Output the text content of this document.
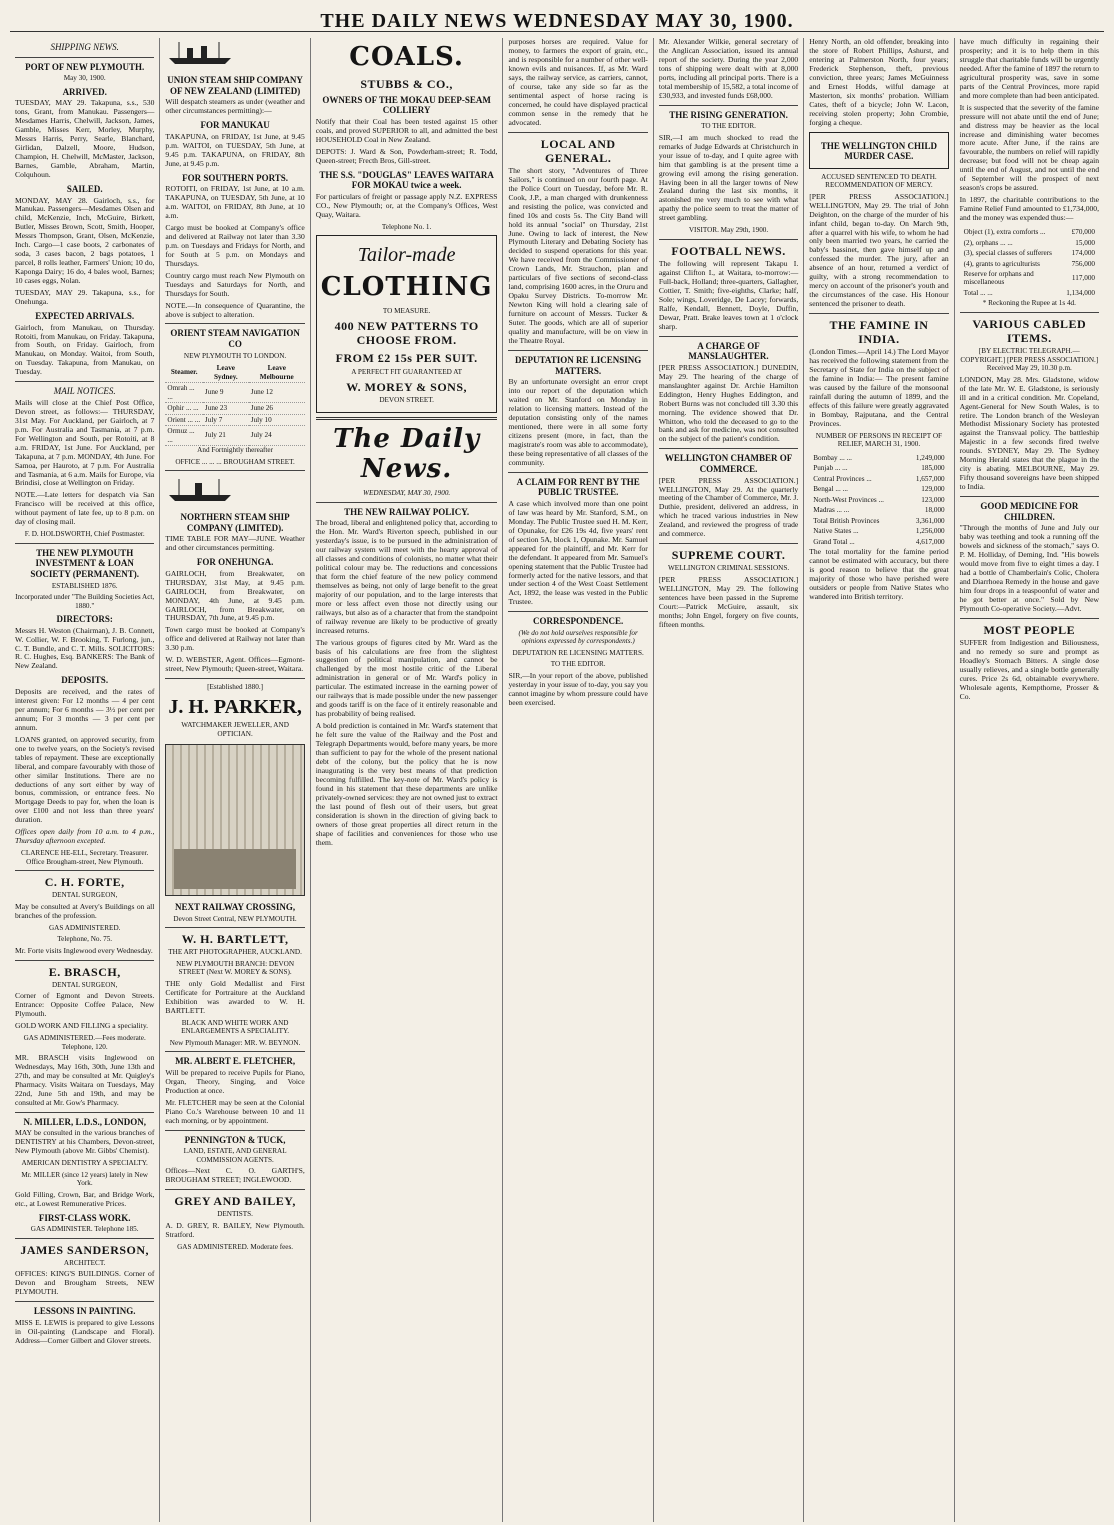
THE DAILY NEWS WEDNESDAY MAY 30, 1900.
SHIPPING NEWS.
PORT OF NEW PLYMOUTH.
May 30, 1900.
ARRIVED.

TUESDAY, MAY 29. Takapuna, s.s., 530 tons, Grant, from Manukau. Passengers—Mesdames Harris, Chelwill, Jackson, James, Gamble, Misses Kerr, Morley, Murphy, Messrs Harris, Perry, Searle, Blanchard, Girlidan, Dalzell, Moore, Hudson, Champion, H. Chelwill, McMaster, Jackson, Barnes, Gamble, Abraham, Martin, Colquhoun.

SAILED.

MONDAY, MAY 28. Gairloch, s.s., for Manukau. Passengers—Mesdames Olsen and child, McKenzie, Inch, McGuire, Birkett, Butler, Misses Brown, Scott, Smith, Hooper, Messrs Thompson, Grant, Olsen, McKenzie, Inch. Cargo—1 case boots, 2 carbonates of soda, 3 cases bacon, 2 bags potatoes, 1 parcel, 8 rolls leather, Farmers' Union; 10 do, Kaponga Dairy; 16 do, 4 bales wool, Barnes; 10 cases eggs, Nolan.

TUESDAY, MAY 29. Takapuna, s.s., for Onehunga.

EXPECTED ARRIVALS.

Gairloch, from Manukau, on Thursday. Rotoiti, from Manukau, on Friday. Takapuna, from South, on Friday. Gairloch, from Manukau, on Monday. Waitoi, from South, on Tuesday. Takapuna, from Manukau, on Tuesday.

MAIL NOTICES.

Mails will close at the Chief Post Office, Devon street, as follows:— THURSDAY, 31st May. For Auckland, per Gairloch, at 7 p.m. For Australia and Tasmania, at 7 p.m. For Wellington and South, per Rotoiti, at 8 a.m. FRIDAY, 1st June. For Auckland, per Takapuna, at 7 p.m. MONDAY, 4th June. For Samoa, per Hauroto, at 7 p.m. For Australia and Tasmania, at 6 a.m. Mails for Europe, via Brindisi, close at Wellington on Friday.

NOTE.—Late letters for despatch via San Francisco will be received at this office, without payment of late fee, up to 8 p.m. on day of closing mail.

F. D. HOLDSWORTH, Chief Postmaster.
THE NEW PLYMOUTH INVESTMENT & LOAN SOCIETY (PERMANENT).
ESTABLISHED 1876.
Incorporated under "The Building Societies Act, 1880."
DIRECTORS:

Messrs H. Weston (Chairman), J. B. Connett, W. Collier, W. F. Brooking, T. Furlong, jun., C. T. Bundle, and C. T. Mills. SOLICITORS: R. C. Hughes, Esq. BANKERS: The Bank of New Zealand.

DEPOSITS.

Deposits are received, and the rates of interest given: For 12 months — 4 per cent per annum; For 6 months — 3½ per cent per annum; For 3 months — 3 per cent per annum.

LOANS granted, on approved security, from one to twelve years, on the Society's revised tables of repayment. These are exceptionally liberal, and compare favourably with those of other similar Institutions. There are no deductions of any sort either by way of bonus, commission, or entrance fees. No Mortgage Deeds to pay for, when the loan is over £100 and not less than three years' duration.

Offices open daily from 10 a.m. to 4 p.m., Thursday afternoon excepted.

CLARENCE HE-ELL, Secretary. Treasurer. Office Brougham-street, New Plymouth.
C. H. FORTE,
DENTAL SURGEON,

May be consulted at Avery's Buildings on all branches of the profession.

GAS ADMINISTERED.
Telephone, No. 75.

Mr. Forte visits Inglewood every Wednesday.

E. BRASCH,
DENTAL SURGEON,

Corner of Egmont and Devon Streets. Entrance: Opposite Coffee Palace, New Plymouth.

GOLD WORK AND FILLING a speciality.

GAS ADMINISTERED.—Fees moderate. Telephone, 120.

MR. BRASCH visits Inglewood on Wednesdays, May 16th, 30th, June 13th and 27th, and may be consulted at Mr. Quigley's Pharmacy. Visits Waitara on Tuesdays, May 22nd, June 5th and 19th, and may be consulted at Mr. Gow's Pharmacy.

N. MILLER, L.D.S., LONDON,

MAY be consulted in the various branches of DENTISTRY at his Chambers, Devon-street, New Plymouth (above Mr. Gibbs' Chemist).

AMERICAN DENTISTRY A SPECIALTY.
Mr. MILLER (since 12 years) lately in New York.

Gold Filling, Crown, Bar, and Bridge Work, etc., at Lowest Remunerative Prices.

FIRST-CLASS WORK.
GAS ADMINISTER. Telephone 185.
JAMES SANDERSON,
ARCHITECT.

OFFICES: KING'S BUILDINGS. Corner of Devon and Brougham Streets, NEW PLYMOUTH.

LESSONS IN PAINTING.

MISS E. LEWIS is prepared to give Lessons in Oil-painting (Landscape and Floral). Address—Corner Gilbert and Glover streets.

UNION STEAM SHIP COMPANY OF NEW ZEALAND (LIMITED)

Will despatch steamers as under (weather and other circumstances permitting):—

FOR MANUKAU

TAKAPUNA, on FRIDAY, 1st June, at 9.45 p.m. WAITOI, on TUESDAY, 5th June, at 9.45 p.m. TAKAPUNA, on FRIDAY, 8th June, at 9.45 p.m.

FOR SOUTHERN PORTS.

ROTOITI, on FRIDAY, 1st June, at 10 a.m. TAKAPUNA, on TUESDAY, 5th June, at 10 a.m. WAITOI, on FRIDAY, 8th June, at 10 a.m.

Cargo must be booked at Company's office and delivered at Railway not later than 3.30 p.m. on Tuesdays and Fridays for North, and for South at 5 p.m. on Mondays and Thursdays.

Country cargo must reach New Plymouth on Tuesdays and Saturdays for North, and Thursdays for South.

NOTE.—In consequence of Quarantine, the above is subject to alteration.

ORIENT STEAM NAVIGATION CO
NEW PLYMOUTH TO LONDON.
Steamer.	Leave Sydney.	Leave Melbourne
Omrah ... ...	June 9	June 12
Ophir ... ...	June 23	June 26
Orient ... ...	July 7	July 10
Ormuz ... ...	July 21	July 24
And Fortnightly thereafter
OFFICE ... ... ... BROUGHAM STREET.
NORTHERN STEAM SHIP COMPANY (LIMITED).

TIME TABLE FOR MAY—JUNE. Weather and other circumstances permitting.

FOR ONEHUNGA.

GAIRLOCH, from Breakwater, on THURSDAY, 31st May, at 9.45 p.m. GAIRLOCH, from Breakwater, on MONDAY, 4th June, at 9.45 p.m. GAIRLOCH, from Breakwater, on THURSDAY, 7th June, at 9.45 p.m.

Town cargo must be booked at Company's office and delivered at Railway not later than 3.30 p.m.

W. D. WEBSTER, Agent. Offices—Egmont-street, New Plymouth; Queen-street, Waitara.

[Established 1880.]
J. H. PARKER,
WATCHMAKER JEWELLER, AND OPTICIAN.
NEXT RAILWAY CROSSING,
Devon Street Central, NEW PLYMOUTH.
W. H. BARTLETT,
THE ART PHOTOGRAPHER, AUCKLAND.
NEW PLYMOUTH BRANCH: DEVON STREET (Next W. MOREY & SONS).

THE only Gold Medallist and First Certificate for Portraiture at the Auckland Exhibition was awarded to W. H. BARTLETT.

BLACK AND WHITE WORK AND ENLARGEMENTS A SPECIALITY.
New Plymouth Manager: MR. W. BEYNON.
MR. ALBERT E. FLETCHER,

Will be prepared to receive Pupils for Piano, Organ, Theory, Singing, and Voice Production at once.

Mr. FLETCHER may be seen at the Colonial Piano Co.'s Warehouse between 10 and 11 each morning, or by appointment.

PENNINGTON & TUCK,
LAND, ESTATE, AND GENERAL COMMISSION AGENTS.

Offices—Next C. O. GARTH'S, BROUGHAM STREET; INGLEWOOD.

GREY AND BAILEY,
DENTISTS.

A. D. GREY, R. BAILEY, New Plymouth. Stratford.

GAS ADMINISTERED. Moderate fees.
COALS.
STUBBS & CO.,
OWNERS OF THE MOKAU DEEP-SEAM COLLIERY

Notify that their Coal has been tested against 15 other coals, and proved SUPERIOR to all, and admitted the best HOUSEHOLD Coal in New Zealand.

DEPOTS: J. Ward & Son, Powderham-street; R. Todd, Queen-street; Frecth Bros, Gill-street.

THE S.S. "DOUGLAS" LEAVES WAITARA FOR MOKAU twice a week.

For particulars of freight or passage apply N.Z. EXPRESS CO., New Plymouth; or, at the Company's Offices, West Quay, Waitara.

Telephone No. 1.
Tailor-made
CLOTHING
TO MEASURE.
400 NEW PATTERNS TO CHOOSE FROM.
FROM £2 15s PER SUIT.
A PERFECT FIT GUARANTEED AT
W. MOREY & SONS,
DEVON STREET.
The Daily News.
WEDNESDAY, MAY 30, 1900.
THE NEW RAILWAY POLICY.

The broad, liberal and enlightened policy that, according to the Hon. Mr. Ward's Riverton speech, published in our yesterday's issue, is to be pursued in the administration of our railway system will meet with the hearty approval of all classes and conditions of colonists, no matter what their political colour may be. The reductions and concessions that form the chief feature of the new policy commend themselves as being, not only of large benefit to the great majority of our population, and to the large interests that more or less affect even those not directly using our railways, but also as of a character that from the standpoint of railway revenue are likely to be productive of greatly increased returns.

The various groups of figures cited by Mr. Ward as the basis of his calculations are free from the slightest suggestion of political manipulation, and cannot be challenged by the most hostile critic of the Liberal administration in general or of Mr. Ward's policy in particular. The estimated increase in the earning power of our railways that is made possible under the new passenger and goods tariff is on the face of it entirely reasonable and has probability of being realised.

A bold prediction is contained in Mr. Ward's statement that he felt sure the value of the Railway and the Post and Telegraph Departments would, before many years, be more than sufficient to pay for the whole of the present national debt of the colony, but the policy that he is now inaugurating is the very best means of that prediction becoming fulfilled. The key-note of Mr. Ward's policy is found in his statement that these departments are unlike privately-owned services: they are not owned just to extract the last pound of flesh out of their users, but great consideration is shown in the direction of giving back to owners of those great properties all direct return in the shape of facilities and conveniences for those who use them.

purposes horses are required. Value for money, to farmers the export of grain, etc., and is responsible for a number of other well-known evils and nuisances. If, as Mr. Ward says, the railway service, as carriers, cannot, of course, take any side so far as the sentimental aspect of horse racing is concerned, he could have displayed practical common sense in the remedy that he advocated.

LOCAL AND GENERAL.

The short story, "Adventures of Three Sailors," is continued on our fourth page. At the Police Court on Tuesday, before Mr. R. Cook, J.P., a man charged with drunkenness and resisting the police, was convicted and fined 10s and costs 5s. The City Band will hold its annual "social" on Thursday, 21st June. Owing to lack of interest, the New Plymouth Literary and Debating Society has decided to suspend operations for this year. We have received from the Commissioner of Crown Lands, Mr. Strauchon, plan and particulars of five sections of second-class land, comprising 1600 acres, in the Oruru and Opaku Survey Districts. To-morrow Mr. Newton King will hold a clearing sale of furniture on account of Messrs. Tucker & Suter. The goods, which are all of superior quality and manufacture, will be on view in the Theatre Royal.

DEPUTATION RE LICENSING MATTERS.

By an unfortunate oversight an error crept into our report of the deputation which waited on Mr. Stanford on Monday in relation to licensing matters. Instead of the deputation consisting only of the names mentioned, there were in all some forty citizens present (more, in fact, than the magistrate's room was able to accommodate), these being representative of all classes of the community.

A CLAIM FOR RENT BY THE PUBLIC TRUSTEE.

A case which involved more than one point of law was heard by Mr. Stanford, S.M., on Monday. The Public Trustee sued H. M. Kerr, of Opunake, for £26 19s 4d, five years' rent of section 5A, block 1, Opunake. Mr. Samuel appeared for the plaintiff, and Mr. Kerr for the defendant. It appeared from Mr. Samuel's opening statement that the Public Trustee had formerly acted for the native lessors, and that under section 4 of the West Coast Settlement Act, 1892, the lease was vested in the Public Trustee.

CORRESPONDENCE.
(We do not hold ourselves responsible for opinions expressed by correspondents.)
DEPUTATION RE LICENSING MATTERS.
TO THE EDITOR.

SIR,—In your report of the above, published yesterday in your issue of to-day, you say you cannot imagine by whom pressure could have been exercised.

Mr. Alexander Wilkie, general secretary of the Anglican Association, issued its annual report of the society. During the year 2,000 tons of shipping were dealt with at 8,000 ports, including all principal ports. There is a total membership of 15,582, a total income of £30,933, and invested funds £68,000.

THE RISING GENERATION.
TO THE EDITOR.

SIR,—I am much shocked to read the remarks of Judge Edwards at Christchurch in your issue of to-day, and I quite agree with him that gambling is at the present time a growing evil among the rising generation. Having been in all the larger towns of New Zealand during the last six months, it astonished me very much to see with what apathy the police seem to treat the matter of street gambling.

VISITOR. May 29th, 1900.
FOOTBALL NEWS.

The following will represent Takapu I. against Clifton I., at Waitara, to-morrow:—Full-back, Holland; three-quarters, Gallagher, Cottier, T. Smith; five-eighths, Clarke; half, Sole; wings, Loveridge, De Lacey; forwards, Ralfe, Kendall, Bennett, Doyle, Duffin, Dewar, Pratt. Brake leaves town at 1 o'clock sharp.

A CHARGE OF MANSLAUGHTER.

[PER PRESS ASSOCIATION.] DUNEDIN, May 29. The hearing of the charge of manslaughter against Dr. Archie Hamilton Eddington, Henry Hughes Eddington, and Robert Burns was not concluded till 3.30 this morning. The evidence showed that Dr. Whitton, who told the deceased to go to the bank and ask for medicine, was not consulted on the subject of the patient's condition.

WELLINGTON CHAMBER OF COMMERCE.

[PER PRESS ASSOCIATION.] WELLINGTON, May 29. At the quarterly meeting of the Chamber of Commerce, Mr. J. Duthie, president, delivered an address, in which he traced various industries in New Zealand, and reviewed the progress of trade and commerce.

SUPREME COURT.
WELLINGTON CRIMINAL SESSIONS.

[PER PRESS ASSOCIATION.] WELLINGTON, May 29. The following sentences have been passed in the Supreme Court:—Patrick McGuire, assault, six months; John Engel, forgery on five counts, fifteen months.

Henry North, an old offender, breaking into the store of Robert Phillips, Ashurst, and entering at Palmerston North, four years; Frederick Stephenson, theft, previous conviction, three years; James McGuinness and Ernest Hodds, wilful damage at Masterton, six months' probation. William Cates, theft of a bicycle; John W. Lacon, receiving stolen property; John Crombie, forging a cheque.

THE WELLINGTON CHILD MURDER CASE.
ACCUSED SENTENCED TO DEATH. RECOMMENDATION OF MERCY.

[PER PRESS ASSOCIATION.] WELLINGTON, May 29. The trial of John Deighton, on the charge of the murder of his infant child, began to-day. On March 9th, after a quarrel with his wife, to whom he had only been married two years, he carried the baby's bassinet, then gave himself up and confessed the murder. The jury, after an absence of an hour, returned a verdict of guilty, with a strong recommendation to mercy on account of the prisoner's youth and the circumstances of the case. His Honour sentenced the prisoner to death.

THE FAMINE IN INDIA.

(London Times.—April 14.) The Lord Mayor has received the following statement from the Secretary of State for India on the subject of the famine in India:— The present famine was caused by the failure of the monsoonal rainfall during the autumn of 1899, and the effects of this failure were greatly aggravated in Bombay, Rajputana, and the Central Provinces.

NUMBER OF PERSONS IN RECEIPT OF RELIEF, MARCH 31, 1900.
Bombay ... ...	1,249,000
Punjab ... ...	185,000
Central Provinces ...	1,657,000
Bengal ... ...	129,000
North-West Provinces ...	123,000
Madras ... ...	18,000
Total British Provinces	3,361,000
Native States ...	1,256,000
Grand Total ...	4,617,000

The total mortality for the famine period cannot be estimated with accuracy, but there is good reason to believe that the great majority of those who have perished were outsiders or people from Native States who wandered into British territory.

have much difficulty in regaining their prosperity; and it is to help them in this struggle that charitable funds will be urgently needed. After the famine of 1897 the return to agricultural prosperity was, save in some parts of the Central Provinces, more rapid and more complete than had been anticipated.

It is suspected that the severity of the famine pressure will not abate until the end of June; and distress may be heavier as the local increase and diminishing water becomes more acute. After June, if the rains are favourable, the numbers on relief will rapidly decrease; but food will not be cheap again until the end of August, and not until the end of September will the prospect of next season's crops be assured.

In 1897, the charitable contributions to the Famine Relief Fund amounted to £1,734,000, and the money was expended thus:—

Object (1), extra comforts ...	£70,000
(2), orphans ... ...	15,000
(3), special classes of sufferers	174,000
(4), grants to agriculturists	756,000
Reserve for orphans and miscellaneous	117,000
Total ... ...	1,134,000
* Reckoning the Rupee at 1s 4d.
VARIOUS CABLED ITEMS.
[BY ELECTRIC TELEGRAPH.—COPYRIGHT.] [PER PRESS ASSOCIATION.] Received May 29, 10.30 p.m.

LONDON, May 28. Mrs. Gladstone, widow of the late Mr. W. E. Gladstone, is seriously ill and in a critical condition. Mr. Copeland, Agent-General for New South Wales, is to retire. The London branch of the Wesleyan Methodist Missionary Society has protested against the Transvaal policy. The battleship Majestic in a few seconds fired twelve rounds. SYDNEY, May 29. The Sydney Morning Herald states that the plague in the city is abating. MELBOURNE, May 29. Fifty thousand sovereigns have been shipped to India.

GOOD MEDICINE FOR CHILDREN.

"Through the months of June and July our baby was teething and took a running off the bowels and sickness of the stomach," says O. P. M. Holliday, of Deming, Ind. "His bowels would move from five to eight times a day. I had a bottle of Chamberlain's Colic, Cholera and Diarrhoea Remedy in the house and gave him four drops in a teaspoonful of water and he got better at once." Sold by New Plymouth Co-operative Society.—Advt.

MOST PEOPLE

SUFFER from Indigestion and Biliousness, and no remedy so sure and prompt as Hoadley's Stomach Bitters. A single dose usually relieves, and a single bottle generally cures. Price 2s 6d, obtainable everywhere. Wholesale agents, Kempthorne, Prosser & Co.
